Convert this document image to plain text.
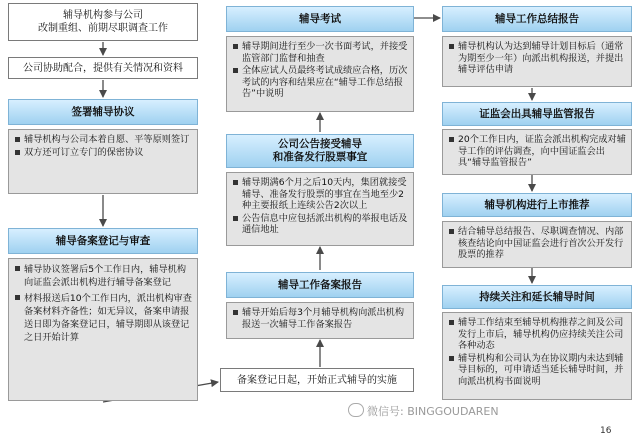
辅导机构参与公司
改制重组、前期尽职调查工作
公司协助配合，提供有关情况和资料
签署辅导协议
辅导机构与公司本着自愿、平等原则签订
双方还可订立专门的保密协议
辅导备案登记与审查
辅导协议签署后5个工作日内，辅导机构向证监会派出机构进行辅导备案登记
材料报送后10个工作日内，派出机构审查备案材料齐备性；如无异议，备案申请报送日即为备案登记日，辅导期即从该登记之日开始计算
辅导考试
辅导期间进行至少一次书面考试，并接受监管部门监督和抽查
全体应试人员最终考试成绩应合格，历次考试的内容和结果应在“辅导工作总结报告”中说明
公司公告接受辅导
和准备发行股票事宜
辅导期满6个月之后10天内，集团就接受辅导、准备发行股票的事宜在当地至少2种主要报纸上连续公告2次以上
公告信息中应包括派出机构的举报电话及通信地址
辅导工作备案报告
辅导开始后每3个月辅导机构向派出机构报送一次辅导工作备案报告
备案登记日起，开始正式辅导的实施
辅导工作总结报告
辅导机构认为达到辅导计划目标后（通常为期至少一年）向派出机构报送，并提出辅导评估申请
证监会出具辅导监管报告
20个工作日内，证监会派出机构完成对辅导工作的评估调查，向中国证监会出具“辅导监管报告”
辅导机构进行上市推荐
结合辅导总结报告、尽职调查情况、内部核查结论向中国证监会进行首次公开发行股票的推荐
持续关注和延长辅导时间
辅导工作结束至辅导机构推荐之间及公司发行上市后，辅导机构仍应持续关注公司各种动态
辅导机构和公司认为在协议期内未达到辅导目标的，可申请适当延长辅导时间，并向派出机构书面说明
微信号: BINGGOUDAREN
16
